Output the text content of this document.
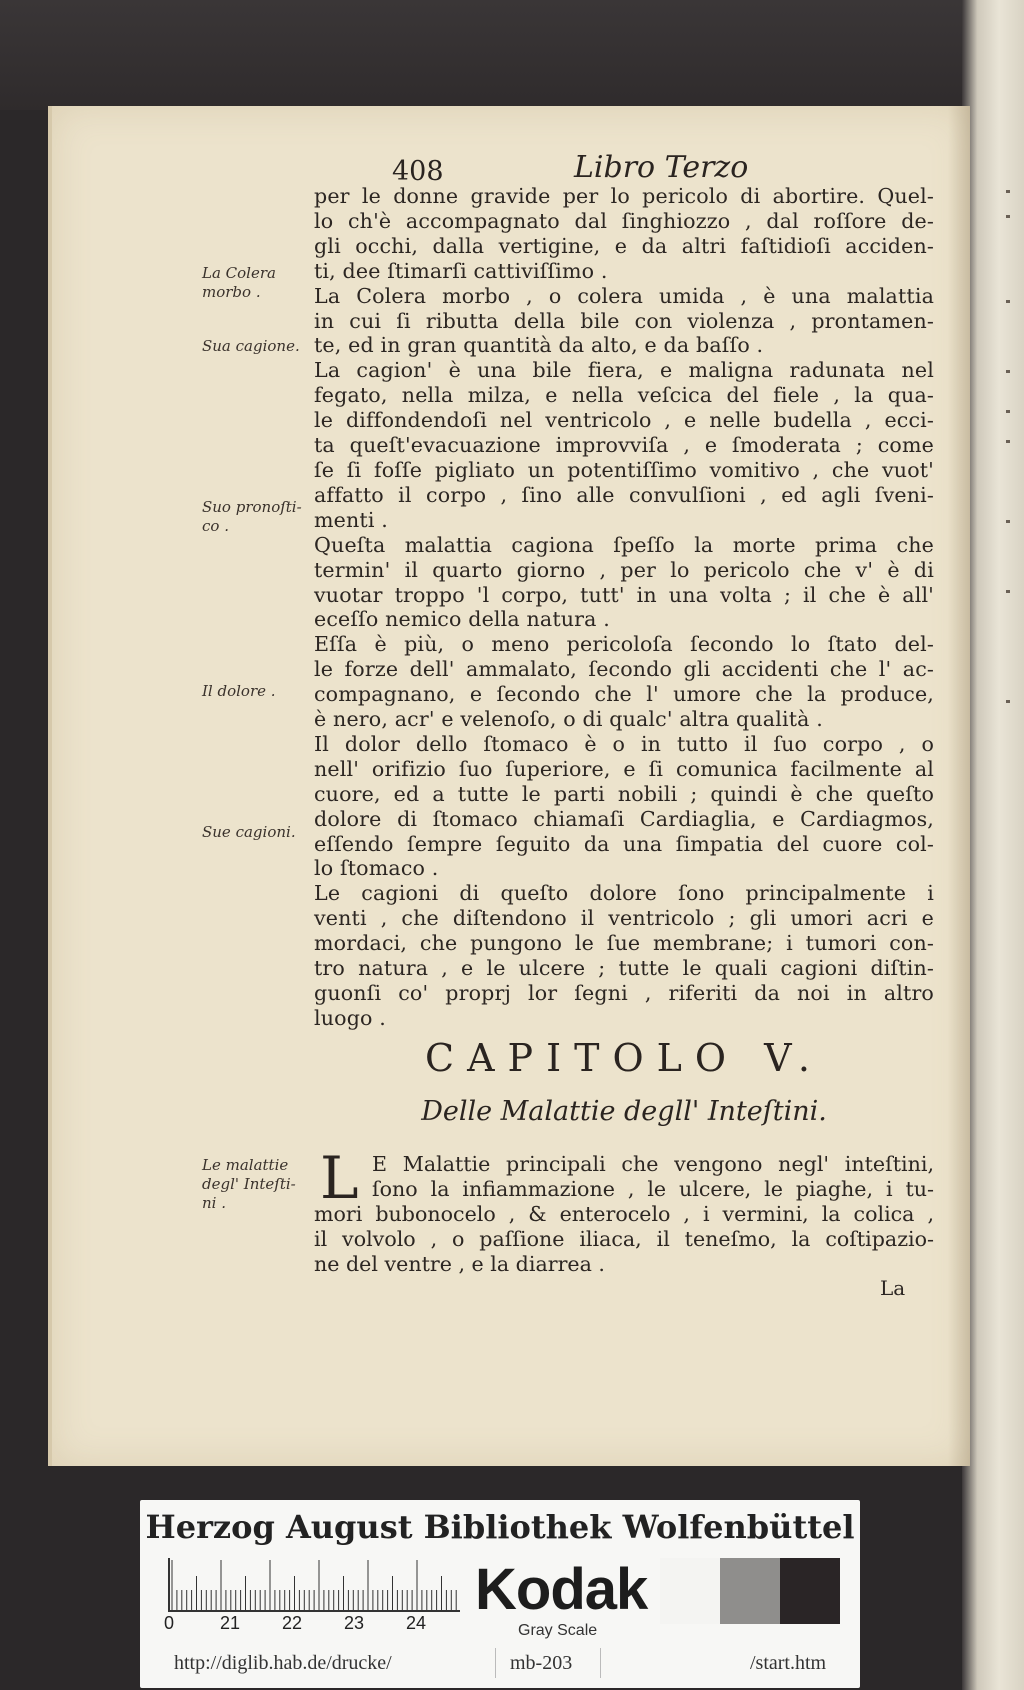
408	Libro Terzo
La Colera
morbo .
Sua cagione.
Suo pronoſti-
co .
Il dolore .
Sue cagioni.
Le malattie
degl' Inteſti-
ni .
per le donne gravide per lo pericolo di abortire. Quel-
lo ch'è accompagnato dal ſinghiozzo , dal roſſore de-
gli occhi, dalla vertigine, e da altri faſtidioſi acciden-
ti, dee ſtimarſi cattiviſſimo .
La Colera morbo , o colera umida , è una malattia
in cui ſi ributta della bile con violenza , prontamen-
te, ed in gran quantità da alto, e da baſſo .
La cagion' è una bile fiera, e maligna radunata nel
fegato, nella milza, e nella veſcica del fiele , la qua-
le diffondendoſi nel ventricolo , e nelle budella , ecci-
ta queſt'evacuazione improvviſa , e ſmoderata ; come
ſe ſi foſſe pigliato un potentiſſimo vomitivo , che vuot'
affatto il corpo , ſino alle convulſioni , ed agli ſveni-
menti .
Queſta malattia cagiona ſpeſſo la morte prima che
termin' il quarto giorno , per lo pericolo che v' è di
vuotar troppo 'l corpo, tutt' in una volta ; il che è all'
eceſſo nemico della natura .
Eſſa è più, o meno pericoloſa ſecondo lo ſtato del-
le forze dell' ammalato, ſecondo gli accidenti che l' ac-
compagnano, e ſecondo che l' umore che la produce,
è nero, acr' e velenoſo, o di qualc' altra qualità .
Il dolor dello ſtomaco è o in tutto il ſuo corpo , o
nell' orifizio ſuo ſuperiore, e ſi comunica facilmente al
cuore, ed a tutte le parti nobili ; quindi è che queſto
dolore di ſtomaco chiamaſi Cardiaglia, e Cardiagmos,
eſſendo ſempre ſeguito da una ſimpatia del cuore col-
lo ſtomaco .
Le cagioni di queſto dolore ſono principalmente i
venti , che diſtendono il ventricolo ; gli umori acri e
mordaci, che pungono le ſue membrane; i tumori con-
tro natura , e le ulcere ; tutte le quali cagioni diſtin-
guonſi co' proprj lor ſegni , riferiti da noi in altro
luogo .
CAPITOLO V.
Delle Malattie degll' Inteſtini.
L E Malattie principali che vengono negl' inteſtini,
ſono la infiammazione , le ulcere, le piaghe, i tu-
mori bubonocelo , & enterocelo , i vermini, la colica ,
il volvolo , o paſſione iliaca, il teneſmo, la coſtipazio-
ne del ventre , e la diarrea .
La
Herzog August Bibliothek Wolfenbüttel
0	21 22 23 24
Kodak
Gray Scale
http://diglib.hab.de/drucke/	mb-203	/start.htm
